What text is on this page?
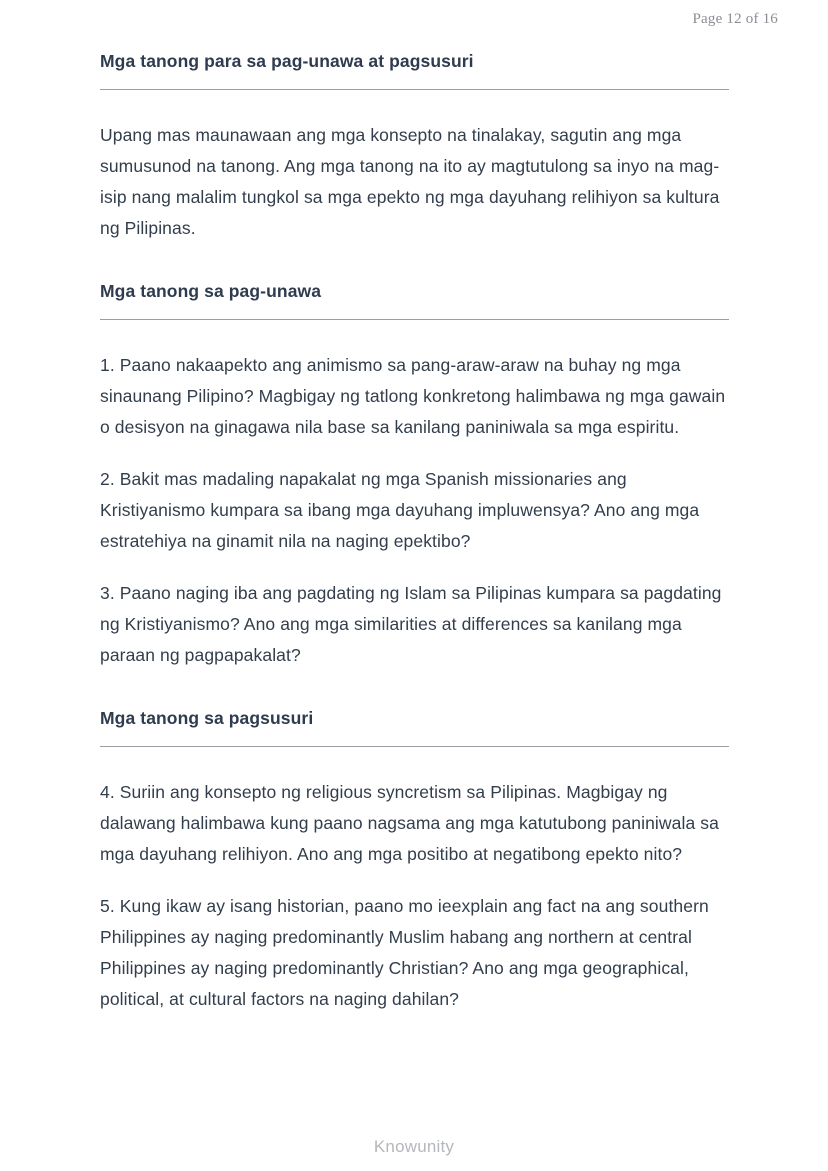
Page 12 of 16
Mga tanong para sa pag-unawa at pagsusuri

Upang mas maunawaan ang mga konsepto na tinalakay, sagutin ang mga sumusunod na tanong. Ang mga tanong na ito ay magtutulong sa inyo na mag-isip nang malalim tungkol sa mga epekto ng mga dayuhang relihiyon sa kultura ng Pilipinas.

Mga tanong sa pag-unawa

1. Paano nakaapekto ang animismo sa pang-araw-araw na buhay ng mga sinaunang Pilipino? Magbigay ng tatlong konkretong halimbawa ng mga gawain o desisyon na ginagawa nila base sa kanilang paniniwala sa mga espiritu.

2. Bakit mas madaling napakalat ng mga Spanish missionaries ang Kristiyanismo kumpara sa ibang mga dayuhang impluwensya? Ano ang mga estratehiya na ginamit nila na naging epektibo?

3. Paano naging iba ang pagdating ng Islam sa Pilipinas kumpara sa pagdating ng Kristiyanismo? Ano ang mga similarities at differences sa kanilang mga paraan ng pagpapakalat?

Mga tanong sa pagsusuri

4. Suriin ang konsepto ng religious syncretism sa Pilipinas. Magbigay ng dalawang halimbawa kung paano nagsama ang mga katutubong paniniwala sa mga dayuhang relihiyon. Ano ang mga positibo at negatibong epekto nito?

5. Kung ikaw ay isang historian, paano mo ieexplain ang fact na ang southern Philippines ay naging predominantly Muslim habang ang northern at central Philippines ay naging predominantly Christian? Ano ang mga geographical, political, at cultural factors na naging dahilan?

Knowunity
